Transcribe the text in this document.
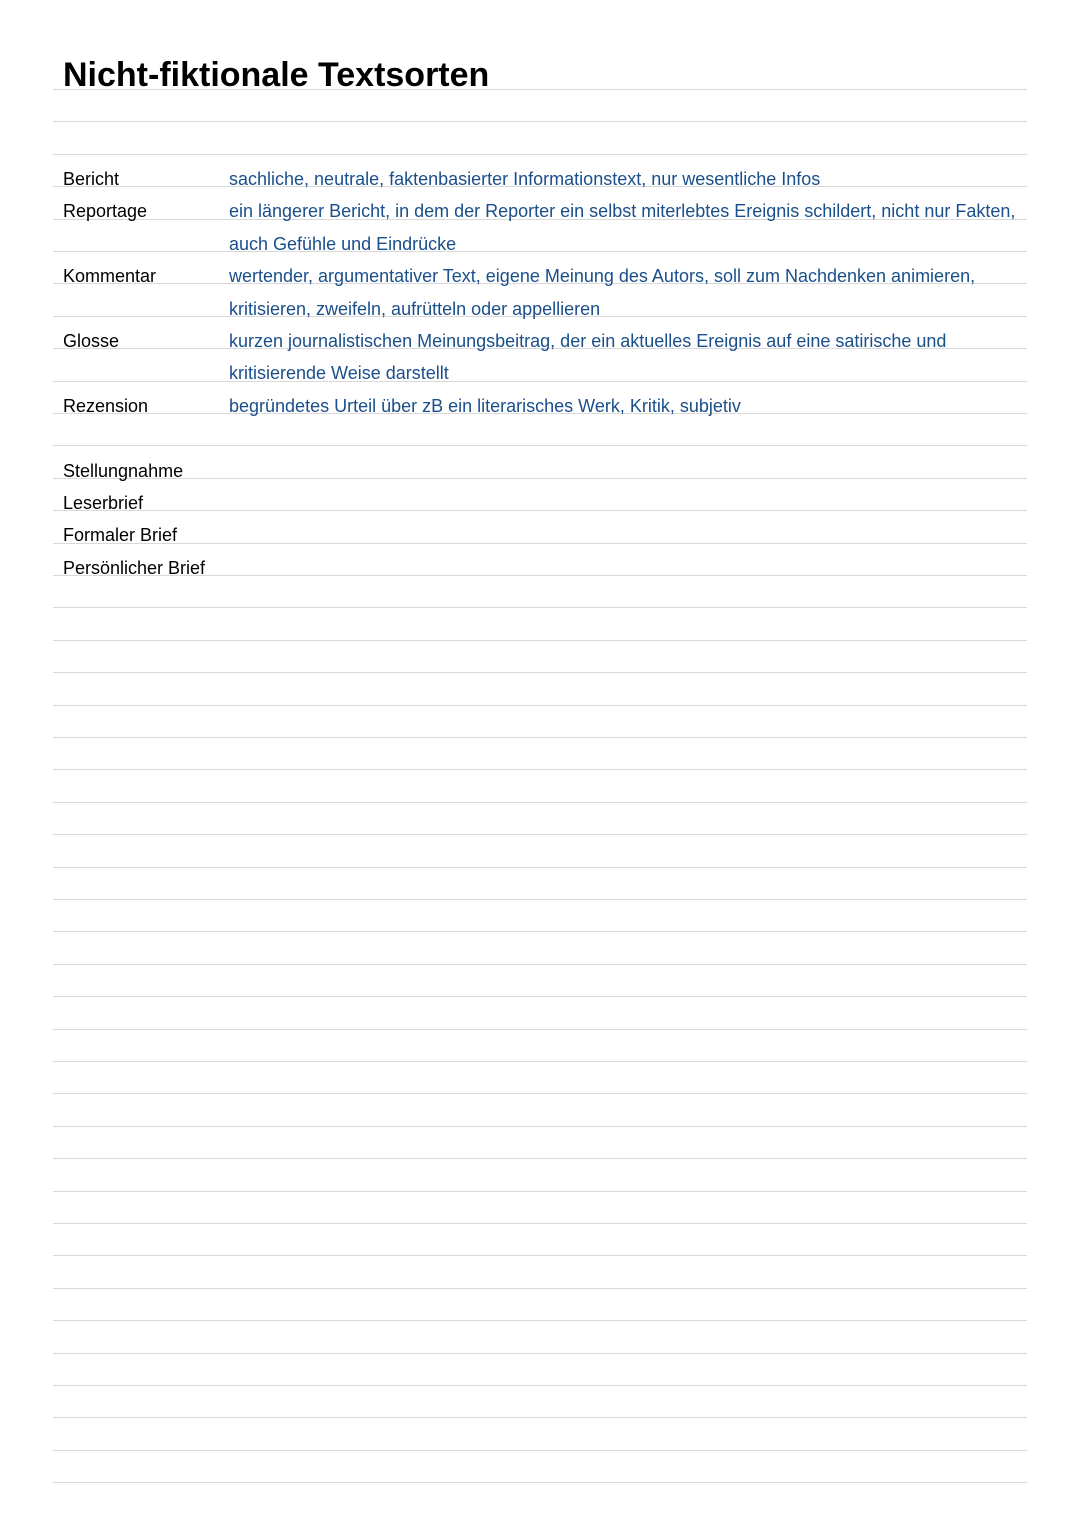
Nicht-fiktionale Textsorten
Bericht	sachliche, neutrale, faktenbasierter Informationstext, nur wesentliche Infos

Reportage	ein längerer Bericht, in dem der Reporter ein selbst miterlebtes Ereignis schildert, nicht nur Fakten, auch Gefühle und Eindrücke

Kommentar	wertender, argumentativer Text, eigene Meinung des Autors, soll zum Nachdenken animieren, kritisieren, zweifeln, aufrütteln oder appellieren

Glosse	kurzen journalistischen Meinungsbeitrag, der ein aktuelles Ereignis auf eine satirische und kritisierende Weise darstellt

Rezension	begründetes Urteil über zB ein literarisches Werk, Kritik, subjetiv

Stellungnahme
Leserbrief
Formaler Brief
Persönlicher Brief
